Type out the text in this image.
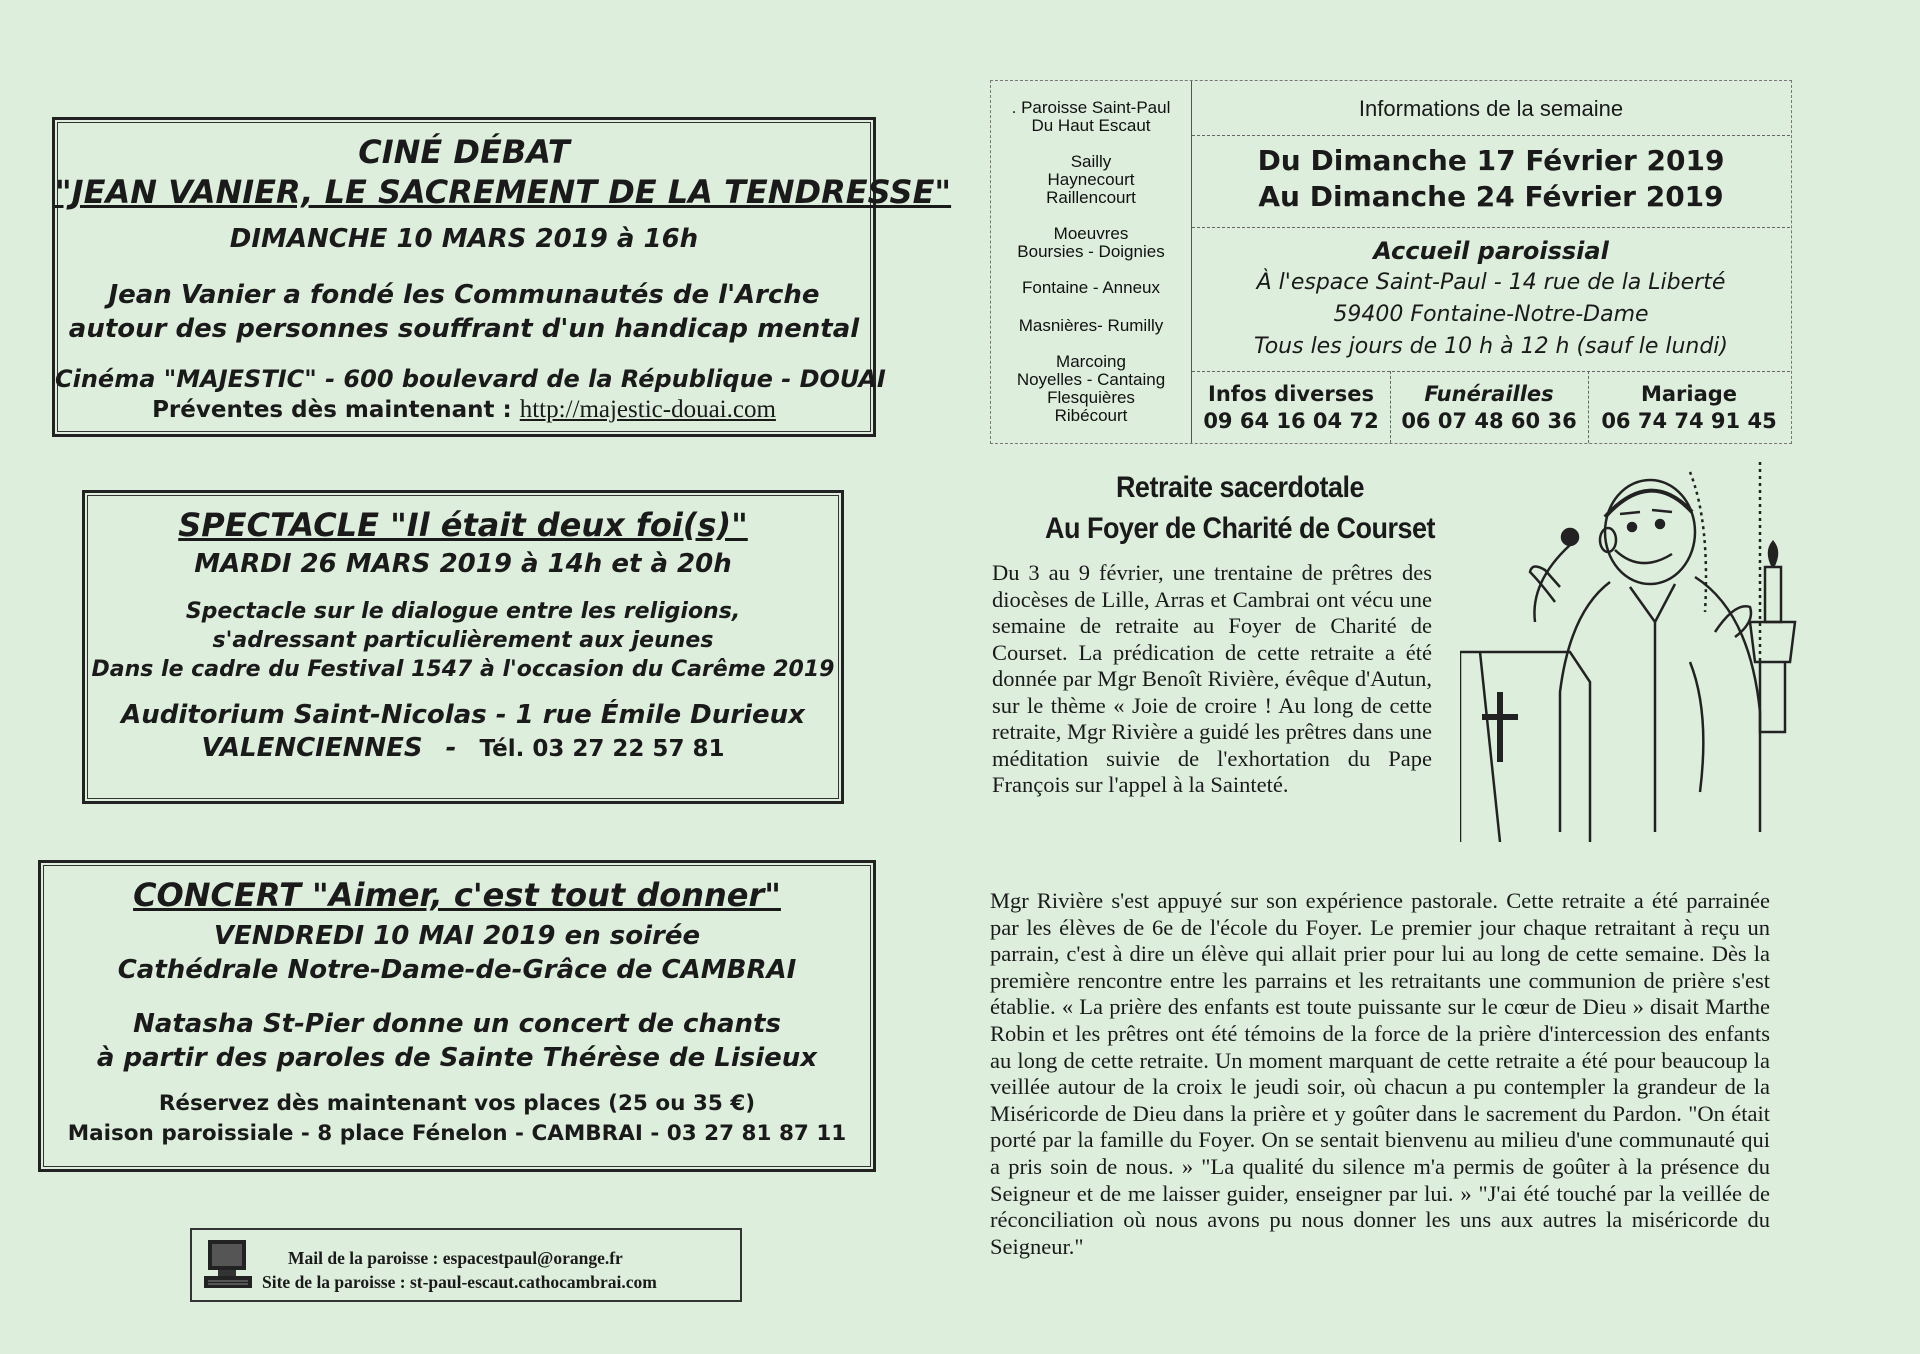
CINÉ DÉBAT
"JEAN VANIER, LE SACREMENT DE LA TENDRESSE"
DIMANCHE 10 MARS 2019 à 16h
Jean Vanier a fondé les Communautés de l'Arche
autour des personnes souffrant d'un handicap mental
Cinéma "MAJESTIC" - 600 boulevard de la République - DOUAI
Préventes dès maintenant : http://majestic-douai.com
SPECTACLE "Il était deux foi(s)"
MARDI 26 MARS 2019 à 14h et à 20h
Spectacle sur le dialogue entre les religions,
s'adressant particulièrement aux jeunes
Dans le cadre du Festival 1547 à l'occasion du Carême 2019
Auditorium Saint-Nicolas - 1 rue Émile Durieux
VALENCIENNES - Tél. 03 27 22 57 81
CONCERT "Aimer, c'est tout donner"
VENDREDI 10 MAI 2019 en soirée
Cathédrale Notre-Dame-de-Grâce de CAMBRAI
Natasha St-Pier donne un concert de chants
à partir des paroles de Sainte Thérèse de Lisieux
Réservez dès maintenant vos places (25 ou 35 €)
Maison paroissiale - 8 place Fénelon - CAMBRAI - 03 27 81 87 11
Mail de la paroisse : espacestpaul@orange.fr
Site de la paroisse : st-paul-escaut.cathocambrai.com
. Paroisse Saint-Paul
Du Haut Escaut
Sailly
Haynecourt
Raillencourt
Moeuvres
Boursies - Doignies
Fontaine - Anneux
Masnières- Rumilly
Marcoing
Noyelles - Cantaing
Flesquières
Ribécourt
Informations de la semaine
Du Dimanche 17 Février 2019
Au Dimanche 24 Février 2019
Accueil paroissial
À l'espace Saint-Paul - 14 rue de la Liberté
59400 Fontaine-Notre-Dame
Tous les jours de 10 h à 12 h (sauf le lundi)
Infos diverses
09 64 16 04 72
Funérailles
06 07 48 60 36
Mariage
06 74 74 91 45
Retraite sacerdotale
Au Foyer de Charité de Courset
Du 3 au 9 février, une trentaine de prêtres des diocèses de Lille, Arras et Cambrai ont vécu une semaine de retraite au Foyer de Charité de Courset. La prédication de cette retraite a été donnée par Mgr Benoît Rivière, évêque d'Autun, sur le thème « Joie de croire ! Au long de cette retraite, Mgr Rivière a guidé les prêtres dans une méditation suivie de l'exhortation du Pape François sur l'appel à la Sainteté.
Mgr Rivière s'est appuyé sur son expérience pastorale. Cette retraite a été parrainée par les élèves de 6e de l'école du Foyer. Le premier jour chaque retraitant à reçu un parrain, c'est à dire un élève qui allait prier pour lui au long de cette semaine. Dès la première rencontre entre les parrains et les retraitants une communion de prière s'est établie. « La prière des enfants est toute puissante sur le cœur de Dieu » disait Marthe Robin et les prêtres ont été témoins de la force de la prière d'intercession des enfants au long de cette retraite. Un moment marquant de cette retraite a été pour beaucoup la veillée autour de la croix le jeudi soir, où chacun a pu contempler la grandeur de la Miséricorde de Dieu dans la prière et y goûter dans le sacrement du Pardon. "On était porté par la famille du Foyer. On se sentait bienvenu au milieu d'une communauté qui a pris soin de nous. » "La qualité du silence m'a permis de goûter à la présence du Seigneur et de me laisser guider, enseigner par lui. » "J'ai été touché par la veillée de réconciliation où nous avons pu nous donner les uns aux autres la miséricorde du Seigneur."
